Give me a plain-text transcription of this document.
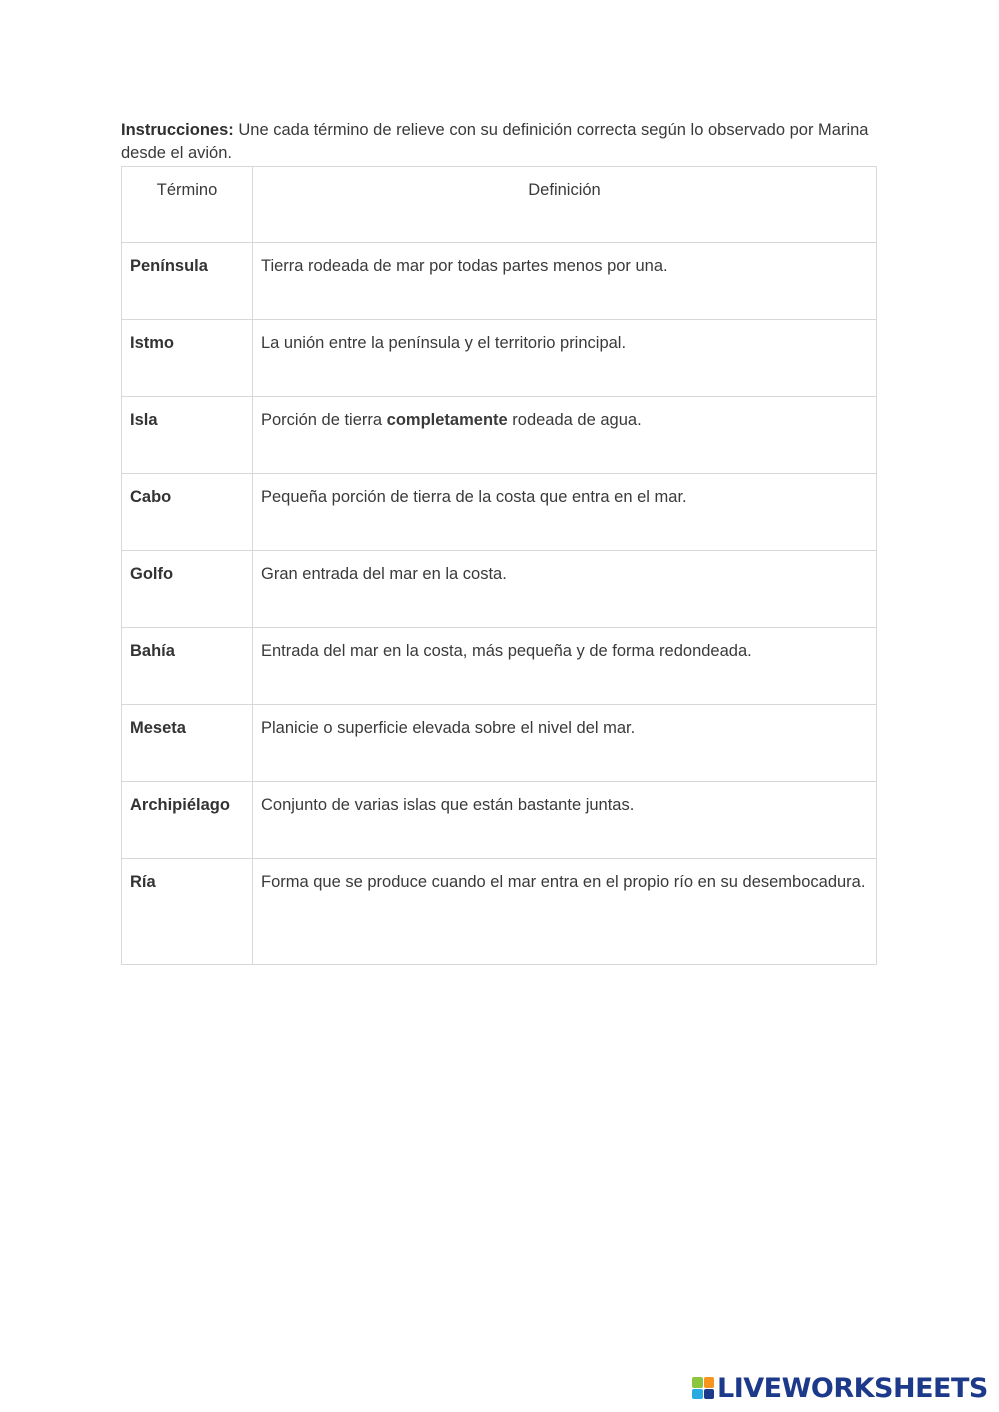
Instrucciones: Une cada término de relieve con su definición correcta según lo observado por Marina desde el avión.
Término	Definición
Península	Tierra rodeada de mar por todas partes menos por una.
Istmo	La unión entre la península y el territorio principal.
Isla	Porción de tierra completamente rodeada de agua.
Cabo	Pequeña porción de tierra de la costa que entra en el mar.
Golfo	Gran entrada del mar en la costa.
Bahía	Entrada del mar en la costa, más pequeña y de forma redondeada.
Meseta	Planicie o superficie elevada sobre el nivel del mar.
Archipiélago	Conjunto de varias islas que están bastante juntas.
Ría	Forma que se produce cuando el mar entra en el propio río en su desembocadura.
LIVEWORKSHEETS
